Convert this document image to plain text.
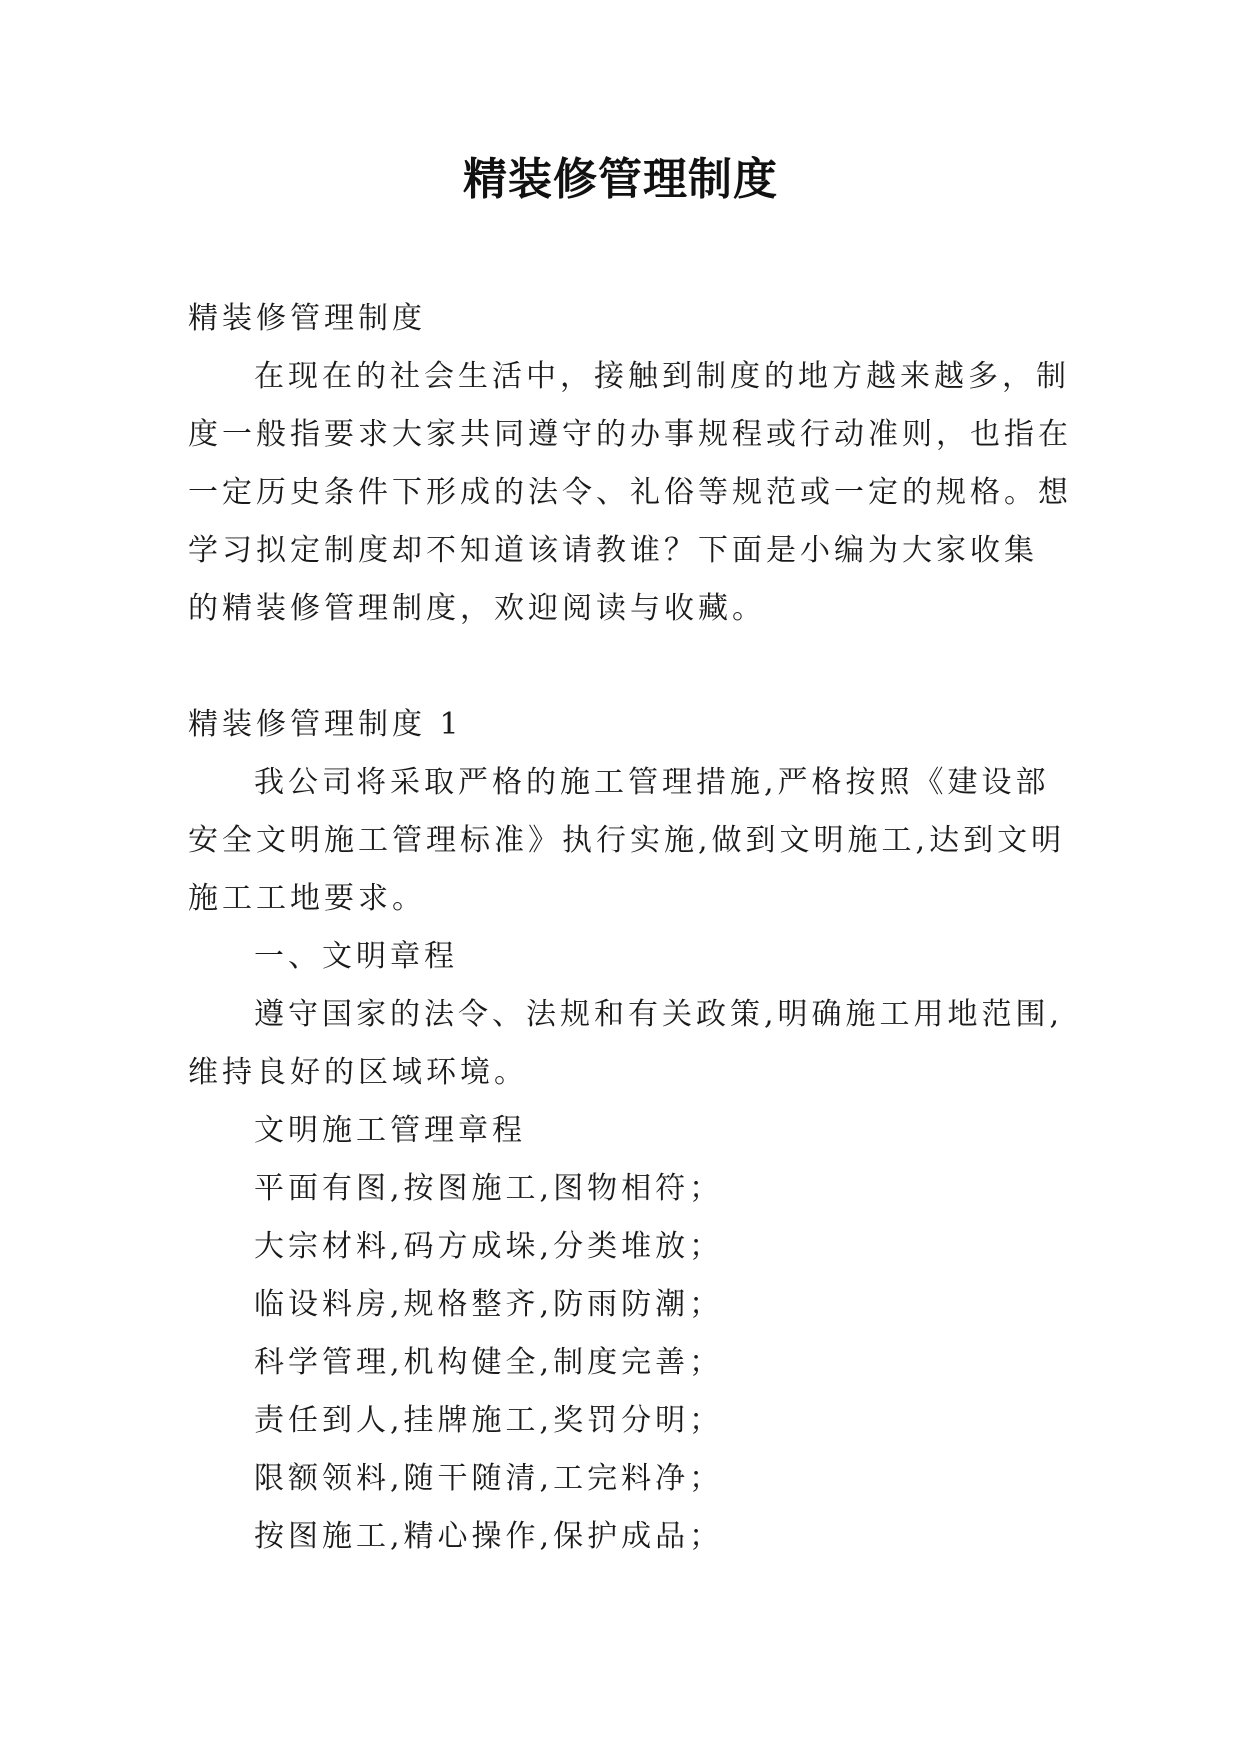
精装修管理制度
精装修管理制度
在现在的社会生活中，接触到制度的地方越来越多，制
度一般指要求大家共同遵守的办事规程或行动准则，也指在
一定历史条件下形成的法令、礼俗等规范或一定的规格。想
学习拟定制度却不知道该请教谁？下面是小编为大家收集
的精装修管理制度，欢迎阅读与收藏。
精装修管理制度 1
我公司将采取严格的施工管理措施,严格按照《建设部
安全文明施工管理标准》执行实施,做到文明施工,达到文明
施工工地要求。
一、文明章程
遵守国家的法令、法规和有关政策,明确施工用地范围,
维持良好的区域环境。
文明施工管理章程
平面有图,按图施工,图物相符；
大宗材料,码方成垛,分类堆放；
临设料房,规格整齐,防雨防潮；
科学管理,机构健全,制度完善；
责任到人,挂牌施工,奖罚分明；
限额领料,随干随清,工完料净；
按图施工,精心操作,保护成品；
